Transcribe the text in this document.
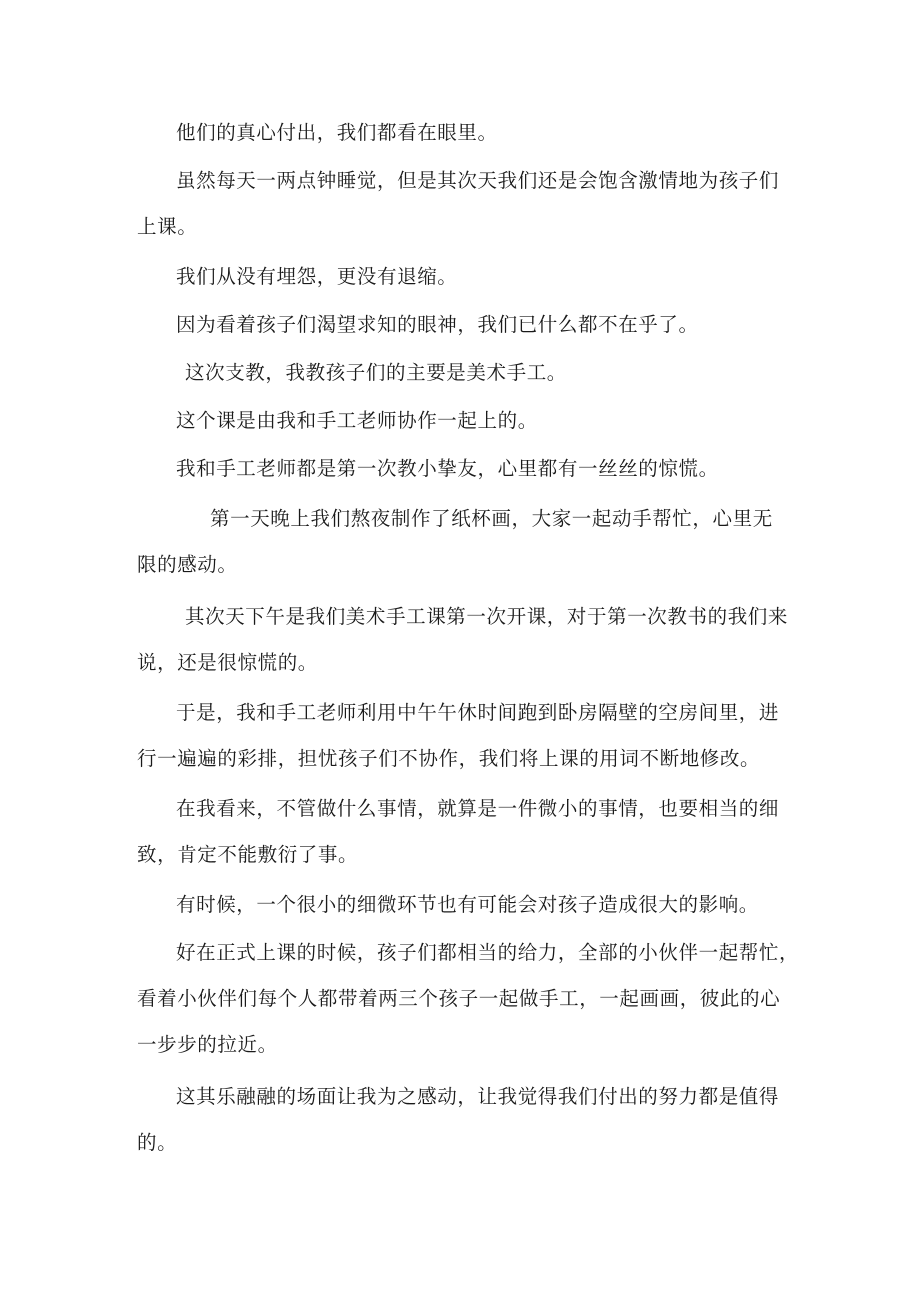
他们的真心付出，我们都看在眼里。

虽然每天一两点钟睡觉，但是其次天我们还是会饱含激情地为孩子们
上课。

我们从没有埋怨，更没有退缩。

因为看着孩子们渴望求知的眼神，我们已什么都不在乎了。

这次支教，我教孩子们的主要是美术手工。

这个课是由我和手工老师协作一起上的。

我和手工老师都是第一次教小挚友，心里都有一丝丝的惊慌。

第一天晚上我们熬夜制作了纸杯画，大家一起动手帮忙，心里无
限的感动。

其次天下午是我们美术手工课第一次开课，对于第一次教书的我们来
说，还是很惊慌的。

于是，我和手工老师利用中午午休时间跑到卧房隔壁的空房间里，进
行一遍遍的彩排，担忧孩子们不协作，我们将上课的用词不断地修改。

在我看来，不管做什么事情，就算是一件微小的事情，也要相当的细
致，肯定不能敷衍了事。

有时候，一个很小的细微环节也有可能会对孩子造成很大的影响。

好在正式上课的时候，孩子们都相当的给力，全部的小伙伴一起帮忙，
看着小伙伴们每个人都带着两三个孩子一起做手工，一起画画，彼此的心
一步步的拉近。

这其乐融融的场面让我为之感动，让我觉得我们付出的努力都是值得
的。
